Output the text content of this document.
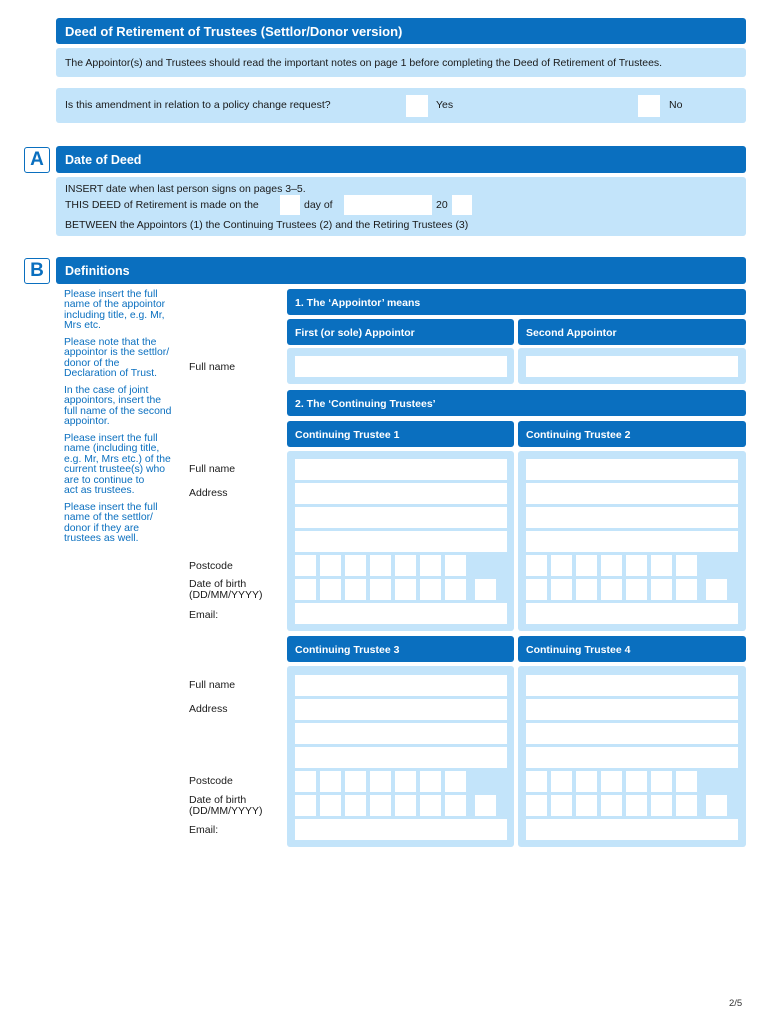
Deed of Retirement of Trustees (Settlor/Donor version)
The Appointor(s) and Trustees should read the important notes on page 1 before completing the Deed of Retirement of Trustees.
Is this amendment in relation to a policy change request?	Yes	No
A	Date of Deed
INSERT date when last person signs on pages 3–5.
THIS DEED of Retirement is made on the	day of	20
BETWEEN the Appointors (1) the Continuing Trustees (2) and the Retiring Trustees (3)
B	Definitions
Please insert the full
name of the appointor
including title, e.g. Mr,
Mrs etc.
Please note that the
appointor is the settlor/
donor of the
Declaration of Trust.
In the case of joint
appointors, insert the
full name of the second
appointor.
Please insert the full
name (including title,
e.g. Mr, Mrs etc.) of the
current trustee(s) who
are to continue to
act as trustees.
Please insert the full
name of the settlor/
donor if they are
trustees as well.
1. The ‘Appointor’ means
First (or sole) Appointor	Second Appointor
Full name
2. The ‘Continuing Trustees’
Continuing Trustee 1	Continuing Trustee 2
Full name
Address
Postcode
Date of birth
(DD/MM/YYYY)
Email:
Continuing Trustee 3	Continuing Trustee 4
Full name
Address
Postcode
Date of birth
(DD/MM/YYYY)
Email:
2/5
